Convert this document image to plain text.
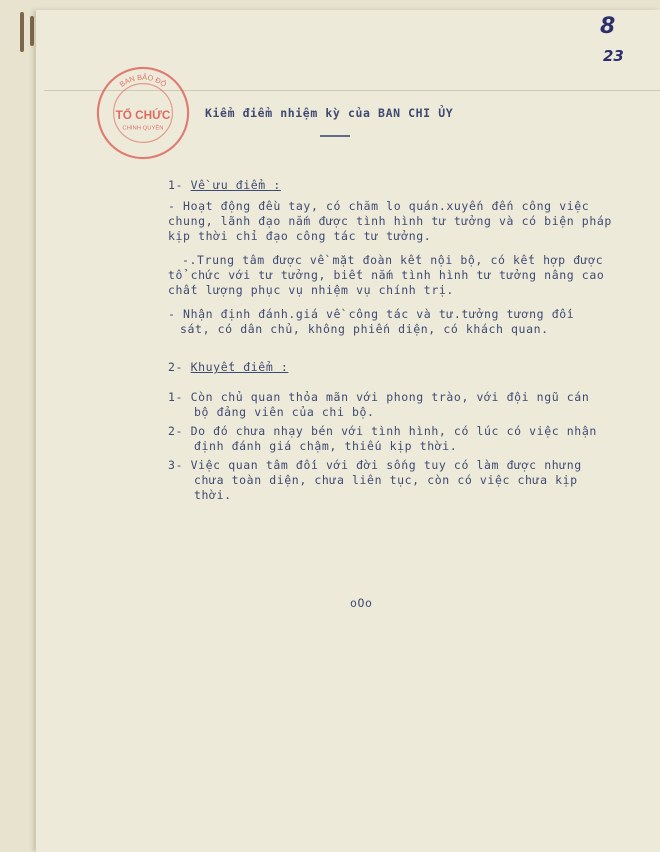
8
23
BAN BẢO ĐỘ
TỔ CHỨC
CHÍNH QUYỀN
Kiểm điểm nhiệm kỳ của BAN CHI ỦY
1- Về ưu điểm :
- Hoạt động đều tay, có chăm lo quán.xuyến đến công việc
chung, lãnh đạo nắm được tình hình tư tưởng và có biện pháp
kịp thời chỉ đạo công tác tư tưởng.
-.Trung tâm được về mặt đoàn kết nội bộ, có kết hợp được
tổ chức với tư tưởng, biết nắm tình hình tư tưởng nâng cao
chất lượng phục vụ nhiệm vụ chính trị.
- Nhận định đánh.giá về công tác và tư.tưởng tương đối
sát, có dân chủ, không phiến diện, có khách quan.
2- Khuyết điểm :
1- Còn chủ quan thỏa mãn với phong trào, với đội ngũ cán
bộ đảng viên của chi bộ.
2- Do đó chưa nhạy bén với tình hình, có lúc có việc nhận
định đánh giá chậm, thiếu kịp thời.
3- Việc quan tâm đối với đời sống tuy có làm được nhưng
chưa toàn diện, chưa liên tục, còn có việc chưa kịp
thời.
oOo
